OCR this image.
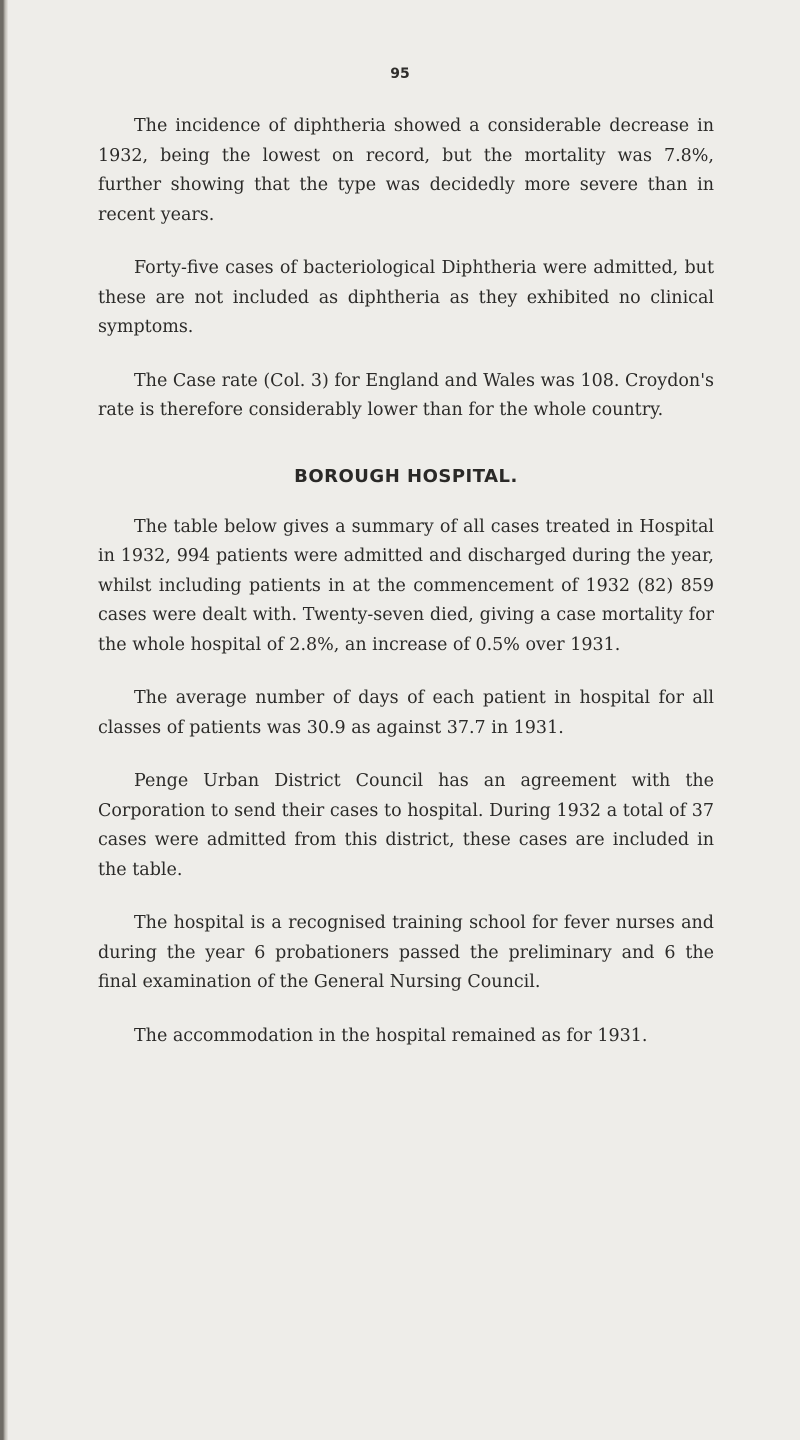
95

The incidence of diphtheria showed a considerable decrease in 1932, being the lowest on record, but the mortality was 7.8%, further showing that the type was decidedly more severe than in recent years.

Forty-five cases of bacteriological Diphtheria were admitted, but these are not included as diphtheria as they exhibited no clinical symptoms.

The Case rate (Col. 3) for England and Wales was 108. Croydon's rate is therefore considerably lower than for the whole country.

BOROUGH HOSPITAL.

The table below gives a summary of all cases treated in Hospital in 1932, 994 patients were admitted and discharged during the year, whilst including patients in at the commencement of 1932 (82) 859 cases were dealt with. Twenty-seven died, giving a case mortality for the whole hospital of 2.8%, an increase of 0.5% over 1931.

The average number of days of each patient in hospital for all classes of patients was 30.9 as against 37.7 in 1931.

Penge Urban District Council has an agreement with the Corporation to send their cases to hospital. During 1932 a total of 37 cases were admitted from this district, these cases are included in the table.

The hospital is a recognised training school for fever nurses and during the year 6 probationers passed the preliminary and 6 the final examination of the General Nursing Council.

The accommodation in the hospital remained as for 1931.
